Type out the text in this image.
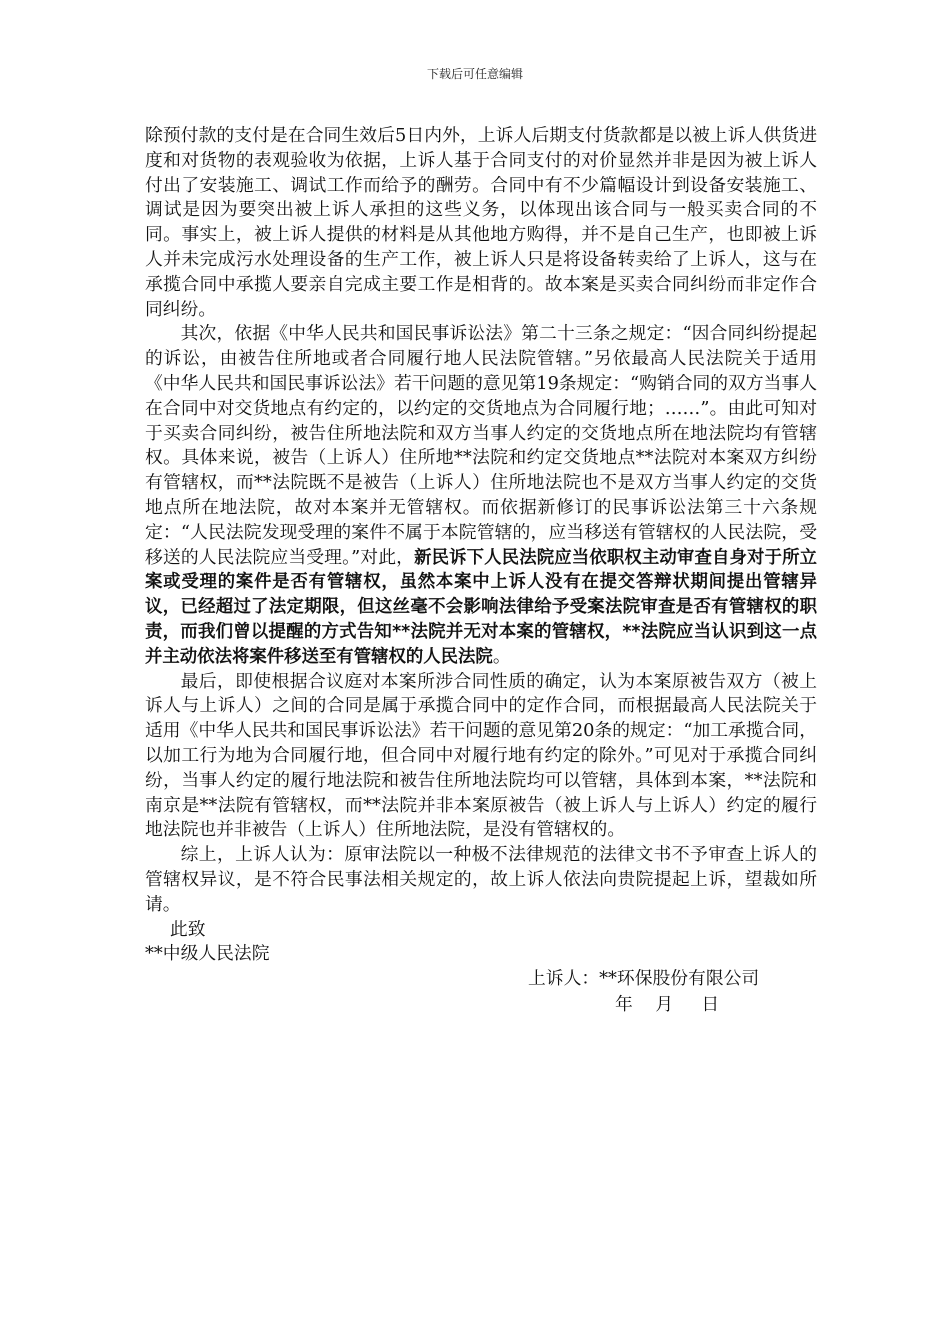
下载后可任意编辑

除预付款的支付是在合同生效后5日内外，上诉人后期支付货款都是以被上诉人供货进度和对货物的表观验收为依据，上诉人基于合同支付的对价显然并非是因为被上诉人付出了安装施工、调试工作而给予的酬劳。合同中有不少篇幅设计到设备安装施工、调试是因为要突出被上诉人承担的这些义务，以体现出该合同与一般买卖合同的不同。事实上，被上诉人提供的材料是从其他地方购得，并不是自己生产，也即被上诉人并未完成污水处理设备的生产工作，被上诉人只是将设备转卖给了上诉人，这与在承揽合同中承揽人要亲自完成主要工作是相背的。故本案是买卖合同纠纷而非定作合同纠纷。

其次，依据《中华人民共和国民事诉讼法》第二十三条之规定：“因合同纠纷提起的诉讼，由被告住所地或者合同履行地人民法院管辖。”另依最高人民法院关于适用《中华人民共和国民事诉讼法》若干问题的意见第19条规定：“购销合同的双方当事人在合同中对交货地点有约定的，以约定的交货地点为合同履行地；……”。由此可知对于买卖合同纠纷，被告住所地法院和双方当事人约定的交货地点所在地法院均有管辖权。具体来说，被告（上诉人）住所地**法院和约定交货地点**法院对本案双方纠纷有管辖权，而**法院既不是被告（上诉人）住所地法院也不是双方当事人约定的交货地点所在地法院，故对本案并无管辖权。而依据新修订的民事诉讼法第三十六条规定：“人民法院发现受理的案件不属于本院管辖的，应当移送有管辖权的人民法院，受移送的人民法院应当受理。”对此，新民诉下人民法院应当依职权主动审查自身对于所立案或受理的案件是否有管辖权，虽然本案中上诉人没有在提交答辩状期间提出管辖异议，已经超过了法定期限，但这丝毫不会影响法律给予受案法院审查是否有管辖权的职责，而我们曾以提醒的方式告知**法院并无对本案的管辖权，**法院应当认识到这一点并主动依法将案件移送至有管辖权的人民法院。

最后，即使根据合议庭对本案所涉合同性质的确定，认为本案原被告双方（被上诉人与上诉人）之间的合同是属于承揽合同中的定作合同，而根据最高人民法院关于适用《中华人民共和国民事诉讼法》若干问题的意见第20条的规定：“加工承揽合同，以加工行为地为合同履行地，但合同中对履行地有约定的除外。”可见对于承揽合同纠纷，当事人约定的履行地法院和被告住所地法院均可以管辖，具体到本案，**法院和南京是**法院有管辖权，而**法院并非本案原被告（被上诉人与上诉人）约定的履行地法院也并非被告（上诉人）住所地法院，是没有管辖权的。

综上，上诉人认为：原审法院以一种极不法律规范的法律文书不予审查上诉人的管辖权异议，是不符合民事法相关规定的，故上诉人依法向贵院提起上诉，望裁如所请。

此致

**中级人民法院

上诉人：**环保股份有限公司
年    月     日
